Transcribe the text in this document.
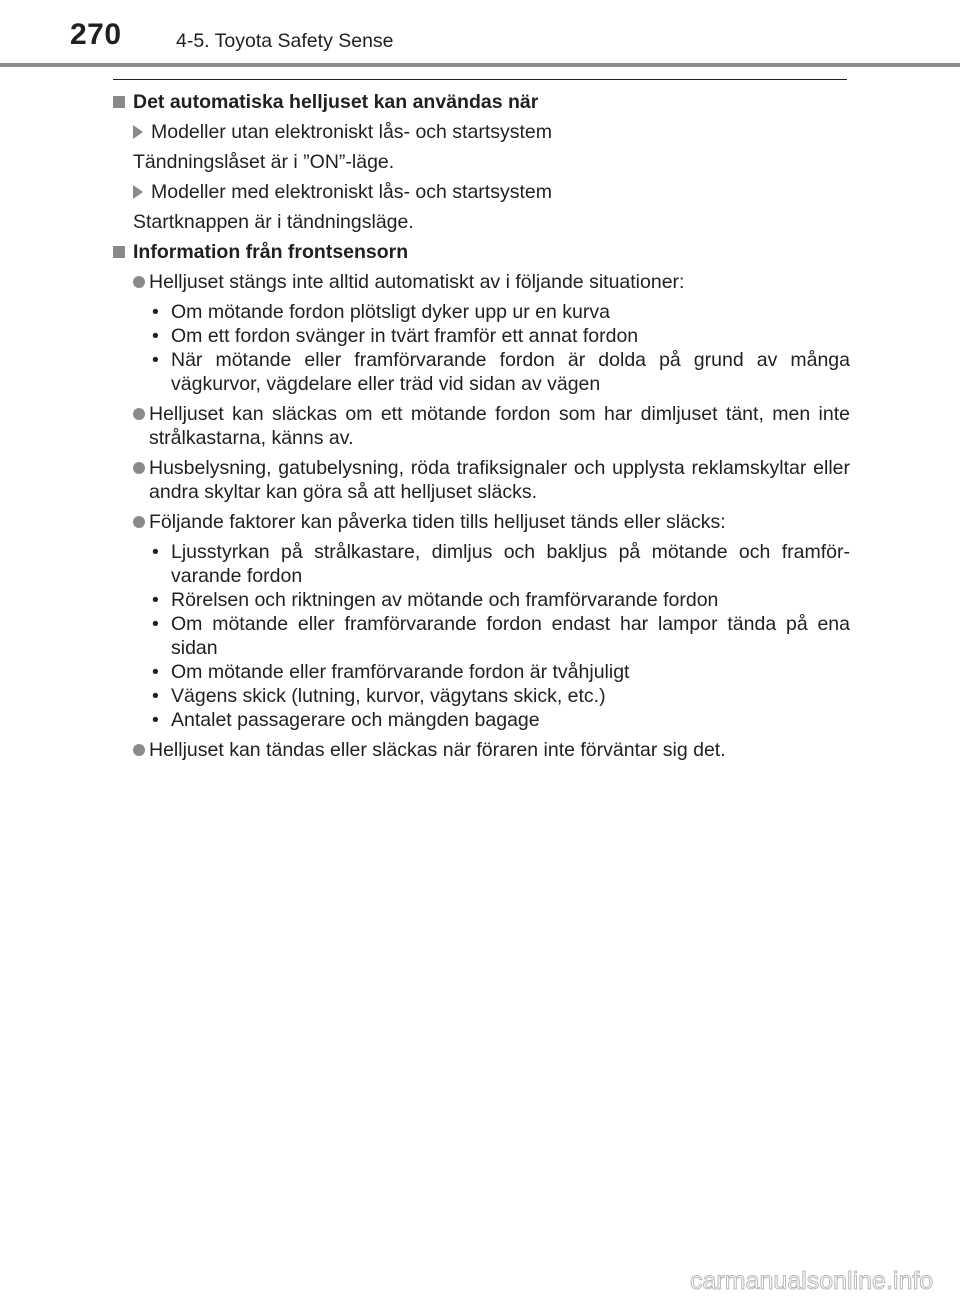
270	4-5. Toyota Safety Sense
Det automatiska helljuset kan användas när
Modeller utan elektroniskt lås- och startsystem
Tändningslåset är i ”ON”-läge.
Modeller med elektroniskt lås- och startsystem
Startknappen är i tändningsläge.
Information från frontsensorn
Helljuset stängs inte alltid automatiskt av i följande situationer:
• Om mötande fordon plötsligt dyker upp ur en kurva
• Om ett fordon svänger in tvärt framför ett annat fordon
• När mötande eller framförvarande fordon är dolda på grund av många vägkurvor, vägdelare eller träd vid sidan av vägen
Helljuset kan släckas om ett mötande fordon som har dimljuset tänt, men inte strålkastarna, känns av.
Husbelysning, gatubelysning, röda trafiksignaler och upplysta reklamskyltar eller andra skyltar kan göra så att helljuset släcks.
Följande faktorer kan påverka tiden tills helljuset tänds eller släcks:
• Ljusstyrkan på strålkastare, dimljus och bakljus på mötande och framför-varande fordon
• Rörelsen och riktningen av mötande och framförvarande fordon
• Om mötande eller framförvarande fordon endast har lampor tända på ena sidan
• Om mötande eller framförvarande fordon är tvåhjuligt
• Vägens skick (lutning, kurvor, vägytans skick, etc.)
• Antalet passagerare och mängden bagage
Helljuset kan tändas eller släckas när föraren inte förväntar sig det.
carmanualsonline.info
